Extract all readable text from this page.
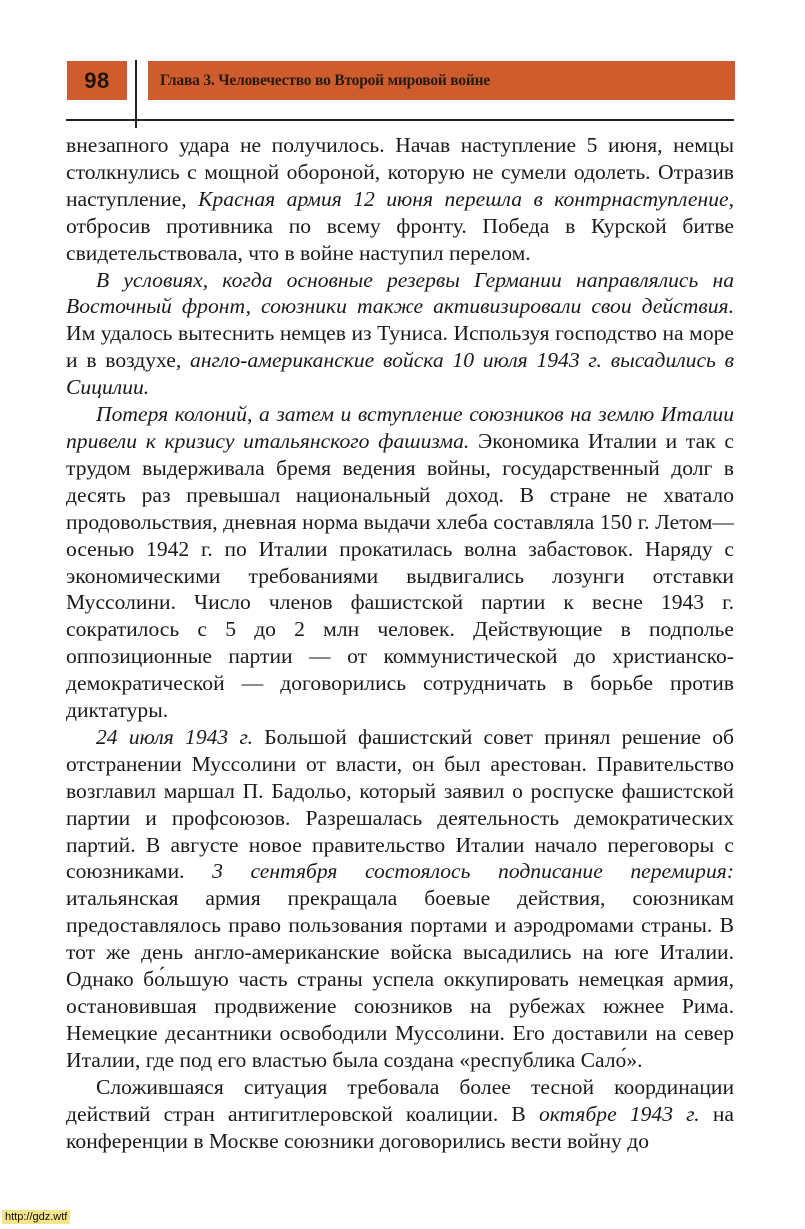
98	Глава 3. Человечество во Второй мировой войне

внезапного удара не получилось. Начав наступление 5 июня, немцы столкнулись с мощной обороной, которую не сумели одолеть. Отразив наступление, Красная армия 12 июня перешла в контрнаступление, отбросив противника по всему фронту. Победа в Курской битве свидетельствовала, что в войне наступил перелом.

В условиях, когда основные резервы Германии направлялись на Восточный фронт, союзники также активизировали свои действия. Им удалось вытеснить немцев из Туниса. Используя господство на море и в воздухе, англо-американские войска 10 июля 1943 г. высадились в Сицилии.

Потеря колоний, а затем и вступление союзников на землю Италии привели к кризису итальянского фашизма. Экономика Италии и так с трудом выдерживала бремя ведения войны, государственный долг в десять раз превышал национальный доход. В стране не хватало продовольствия, дневная норма выдачи хлеба составляла 150 г. Летом—осенью 1942 г. по Италии прокатилась волна забастовок. Наряду с экономическими требованиями выдвигались лозунги отставки Муссолини. Число членов фашистской партии к весне 1943 г. сократилось с 5 до 2 млн человек. Действующие в подполье оппозиционные партии — от коммунистической до христианско-демократической — договорились сотрудничать в борьбе против диктатуры.

24 июля 1943 г. Большой фашистский совет принял решение об отстранении Муссолини от власти, он был арестован. Правительство возглавил маршал П. Бадольо, который заявил о роспуске фашистской партии и профсоюзов. Разрешалась деятельность демократических партий. В августе новое правительство Италии начало переговоры с союзниками. 3 сентября состоялось подписание перемирия: итальянская армия прекращала боевые действия, союзникам предоставлялось право пользования портами и аэродромами страны. В тот же день англо-американские войска высадились на юге Италии. Однако бо́льшую часть страны успела оккупировать немецкая армия, остановившая продвижение союзников на рубежах южнее Рима. Немецкие десантники освободили Муссолини. Его доставили на север Италии, где под его властью была создана «республика Сало́».

Сложившаяся ситуация требовала более тесной координации действий стран антигитлеровской коалиции. В октябре 1943 г. на конференции в Москве союзники договорились вести войну до

http://gdz.wtf
